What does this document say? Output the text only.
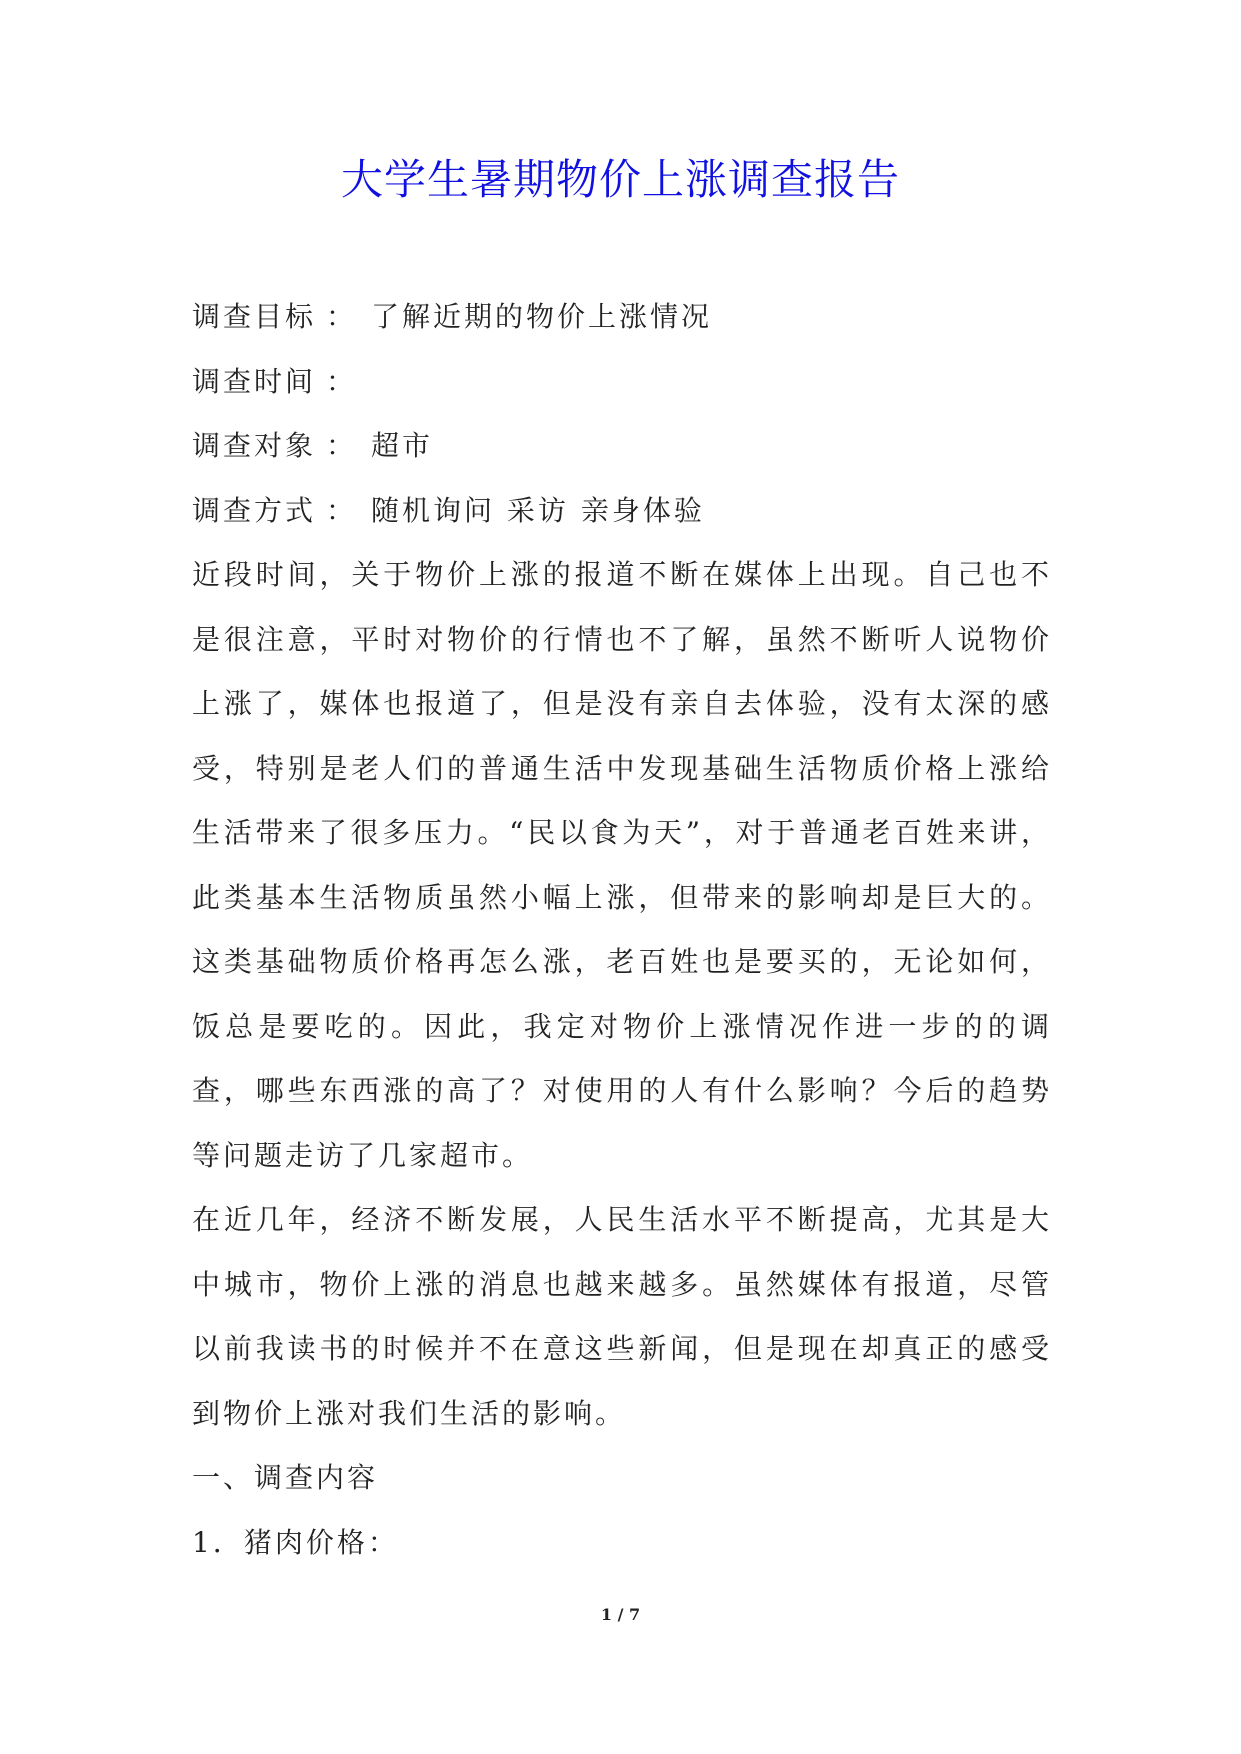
大学生暑期物价上涨调查报告

调查目标 ： 了解近期的物价上涨情况

调查时间 ：

调查对象 ： 超市

调查方式 ： 随机询问 采访 亲身体验

近段时间，关于物价上涨的报道不断在媒体上出现。自己也不是很注意，平时对物价的行情也不了解，虽然不断听人说物价上涨了，媒体也报道了，但是没有亲自去体验，没有太深的感受，特别是老人们的普通生活中发现基础生活物质价格上涨给生活带来了很多压力。“民以食为天”，对于普通老百姓来讲，此类基本生活物质虽然小幅上涨，但带来的影响却是巨大的。这类基础物质价格再怎么涨，老百姓也是要买的，无论如何，饭总是要吃的。因此，我定对物价上涨情况作进一步的的调查，哪些东西涨的高了？对使用的人有什么影响？今后的趋势等问题走访了几家超市。

在近几年，经济不断发展，人民生活水平不断提高，尤其是大中城市，物价上涨的消息也越来越多。虽然媒体有报道，尽管以前我读书的时候并不在意这些新闻，但是现在却真正的感受到物价上涨对我们生活的影响。

一、调查内容

1．猪肉价格：

1 / 7
